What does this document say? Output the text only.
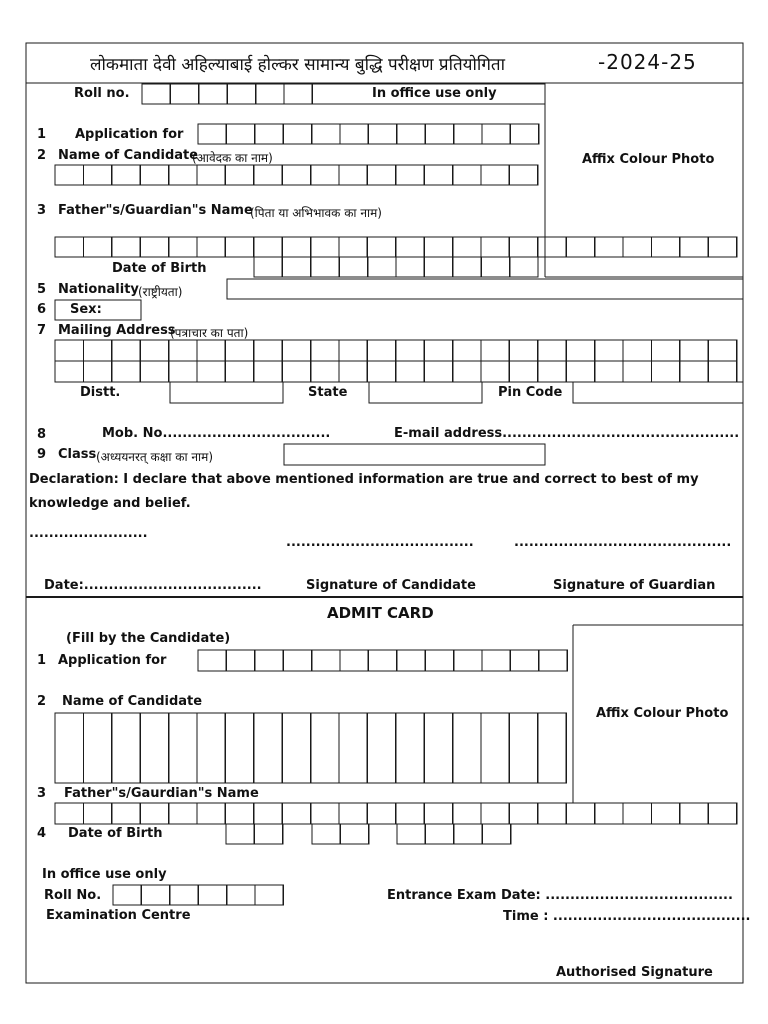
लोकमाता देवी अहिल्याबाई होल्कर सामान्य बुद्धि परीक्षण प्रतियोगिता	-2024-25
Roll no.	In office use only
Affix Colour Photo
1 Application for
2 Name of Candidate
(आवेदक का नाम)
3 Father"s/Guardian"s Name
(पिता या अभिभावक का नाम)
Date of Birth
5 Nationality (राष्ट्रीयता)
6 Sex:
7 Mailing Address
(पत्राचार का पता)
Distt.	State	Pin Code
8	Mob. No..................................	E-mail address................................................
9 Class (अध्ययनरत् कक्षा का नाम)
Declaration: I declare that above mentioned information are true and correct to best of my
knowledge and belief.
........................
......................................	............................................
Date:....................................	Signature of Candidate	Signature of Guardian
ADMIT CARD
(Fill by the Candidate)
Affix Colour Photo
1 Application for
2 Name of Candidate
3 Father"s/Gaurdian"s Name
4 Date of Birth
In office use only
Roll No.
Examination Centre
Entrance Exam Date: ......................................
Time : ........................................
Authorised Signature
